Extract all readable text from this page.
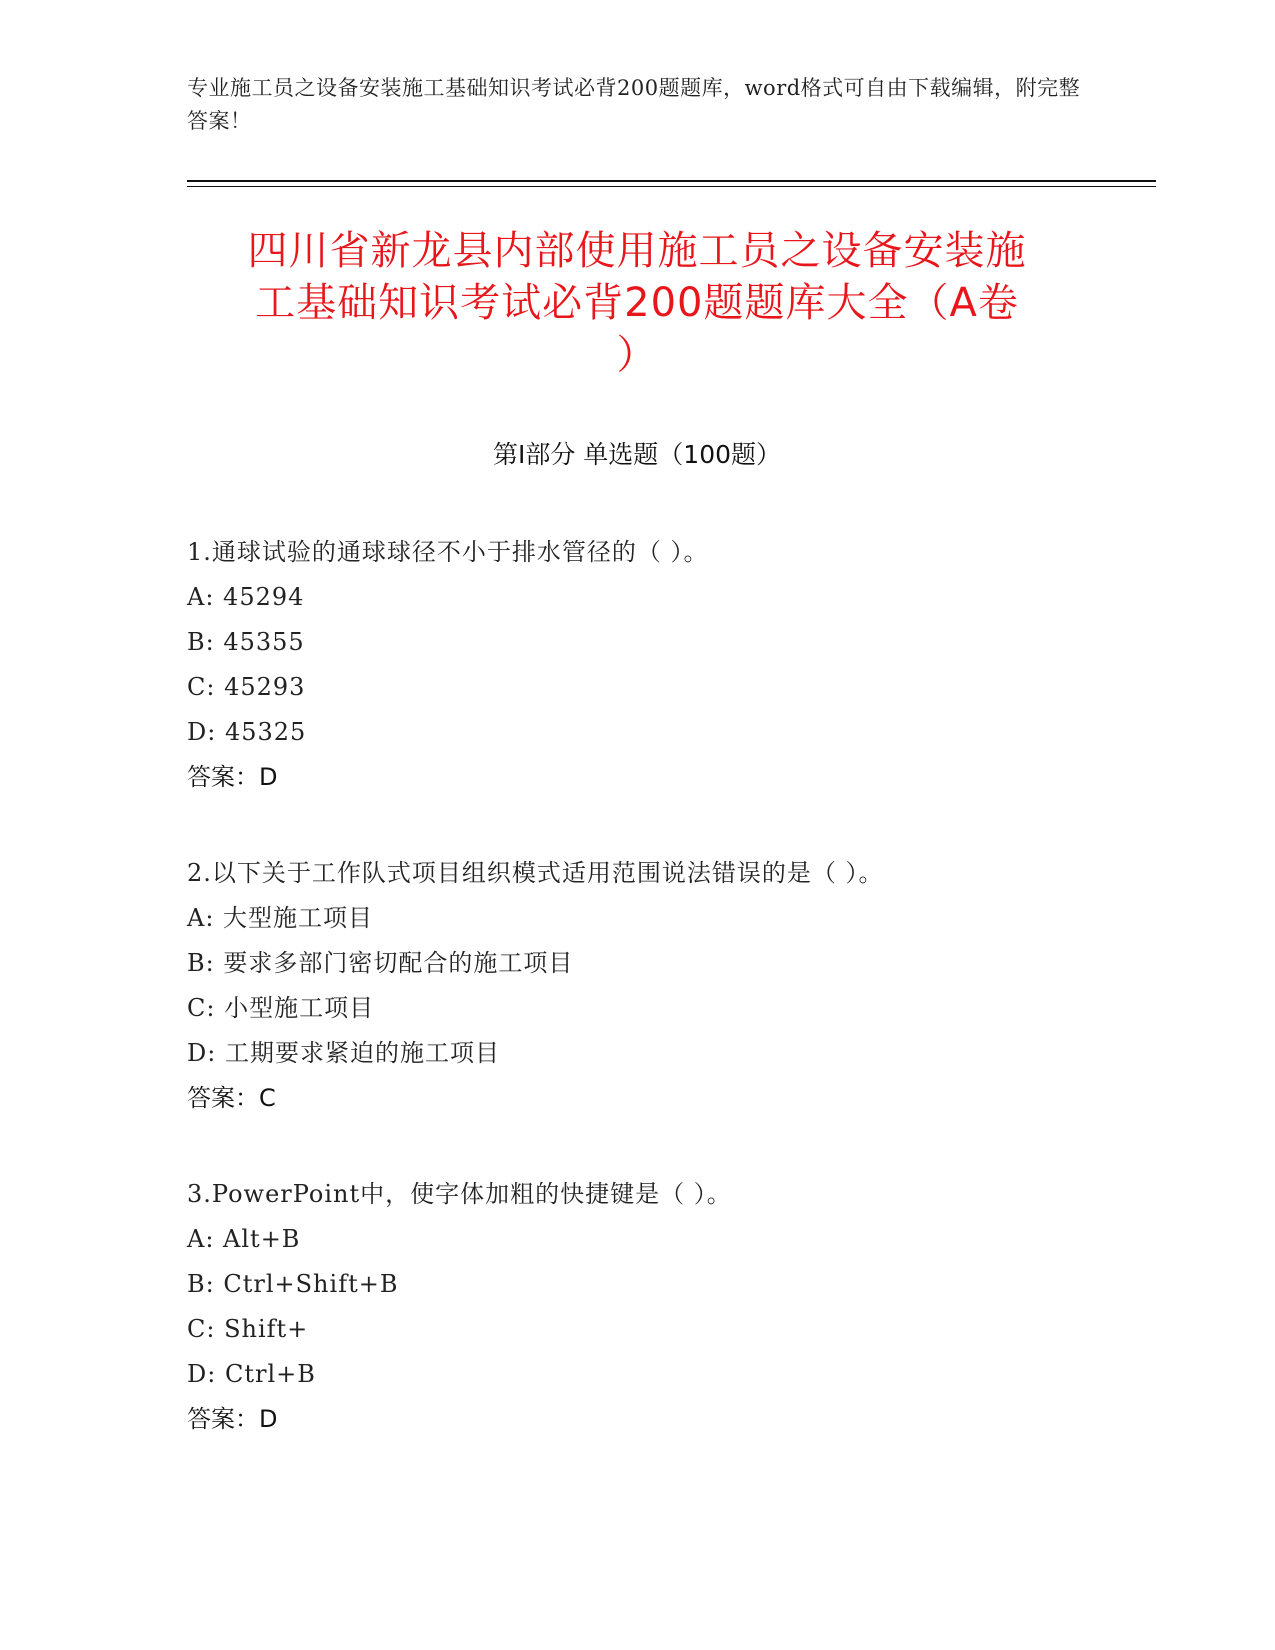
专业施工员之设备安装施工基础知识考试必背200题题库，word格式可自由下载编辑，附完整答案！
四川省新龙县内部使用施工员之设备安装施
工基础知识考试必背200题题库大全（A卷
）
第I部分 单选题（100题）
1.通球试验的通球球径不小于排水管径的（ ）。
A: 45294
B: 45355
C: 45293
D: 45325
答案：D
2.以下关于工作队式项目组织模式适用范围说法错误的是（ ）。
A: 大型施工项目
B: 要求多部门密切配合的施工项目
C: 小型施工项目
D: 工期要求紧迫的施工项目
答案：C
3.PowerPoint中，使字体加粗的快捷键是（ ）。
A: Alt+B
B: Ctrl+Shift+B
C: Shift+
D: Ctrl+B
答案：D
